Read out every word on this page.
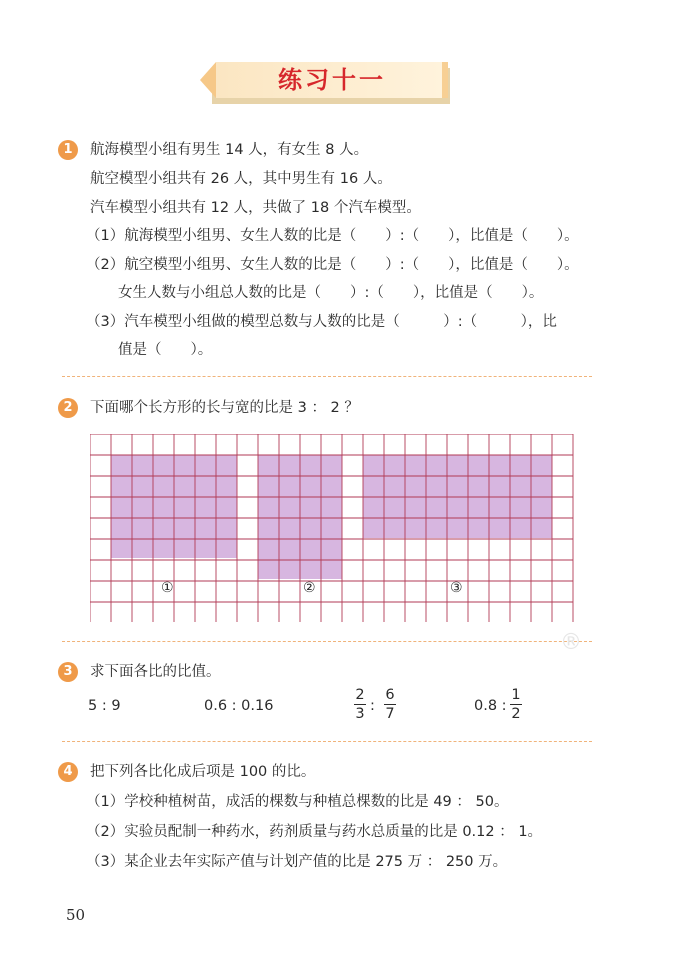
练习十一
1	航海模型小组有男生 14 人，有女生 8 人。
航空模型小组共有 26 人，其中男生有 16 人。
汽车模型小组共有 12 人，共做了 18 个汽车模型。
（1）航海模型小组男、女生人数的比是（　　）:（　　），比值是（　　）。
（2）航空模型小组男、女生人数的比是（　　）:（　　），比值是（　　）。
女生人数与小组总人数的比是（　　）:（　　），比值是（　　）。
（3）汽车模型小组做的模型总数与人数的比是（　　　）:（　　　），比
值是（　　）。
2	下面哪个长方形的长与宽的比是 3 ： 2 ？
①	②	③
3	求下面各比的比值。
5 : 9	0.6 : 0.16
2
3 :
6
7	0.8 :
1
2
®
4	把下列各比化成后项是 100 的比。
（1）学校种植树苗，成活的棵数与种植总棵数的比是 49 ： 50。
（2）实验员配制一种药水，药剂质量与药水总质量的比是 0.12 ： 1。
（3）某企业去年实际产值与计划产值的比是 275 万 ： 250 万。
50
